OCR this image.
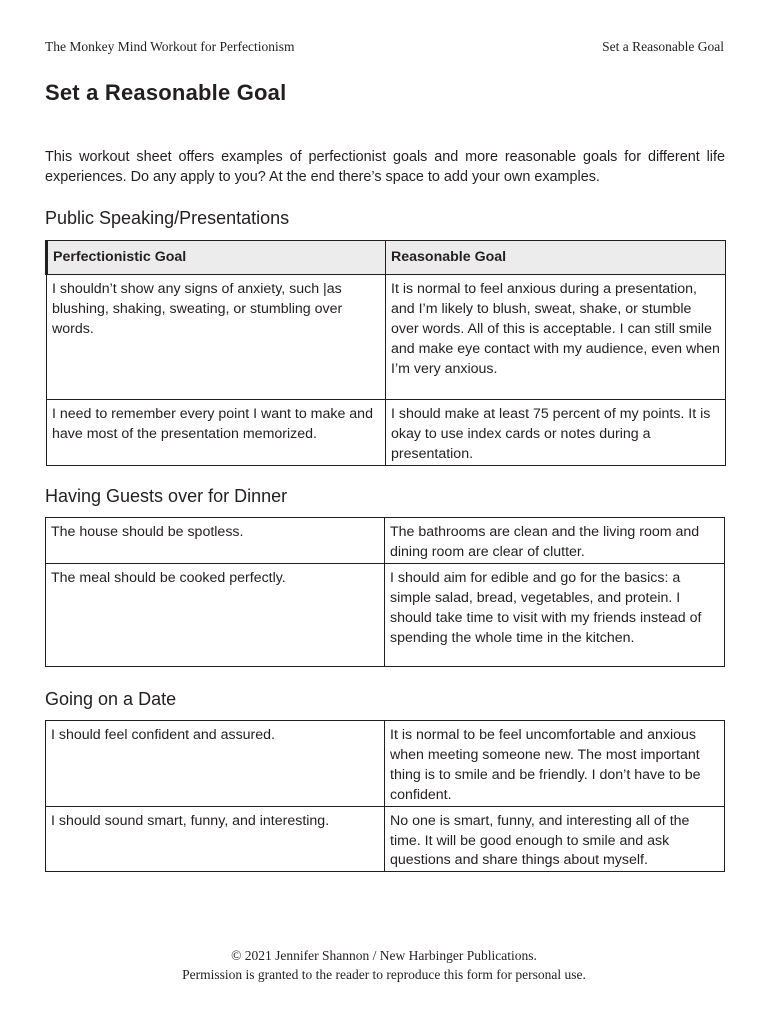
The Monkey Mind Workout for Perfectionism	Set a Reasonable Goal
Set a Reasonable Goal

This workout sheet offers examples of perfectionist goals and more reasonable goals for different life experiences. Do any apply to you? At the end there’s space to add your own examples.

Public Speaking/Presentations
Perfectionistic Goal	Reasonable Goal
I shouldn’t show any signs of anxiety, such |as blushing, shaking, sweating, or stumbling over words.	It is normal to feel anxious during a presentation, and I’m likely to blush, sweat, shake, or stumble over words. All of this is acceptable. I can still smile and make eye contact with my audience, even when I’m very anxious.
I need to remember every point I want to make and have most of the presentation memorized.	I should make at least 75 percent of my points. It is okay to use index cards or notes during a presentation.
Having Guests over for Dinner
The house should be spotless.	The bathrooms are clean and the living room and dining room are clear of clutter.
The meal should be cooked perfectly.	I should aim for edible and go for the basics: a simple salad, bread, vegetables, and protein. I should take time to visit with my friends instead of spending the whole time in the kitchen.
Going on a Date
I should feel confident and assured.	It is normal to be feel uncomfortable and anxious when meeting someone new. The most important thing is to smile and be friendly. I don’t have to be confident.
I should sound smart, funny, and interesting.	No one is smart, funny, and interesting all of the time. It will be good enough to smile and ask questions and share things about myself.
© 2021 Jennifer Shannon / New Harbinger Publications.
Permission is granted to the reader to reproduce this form for personal use.
